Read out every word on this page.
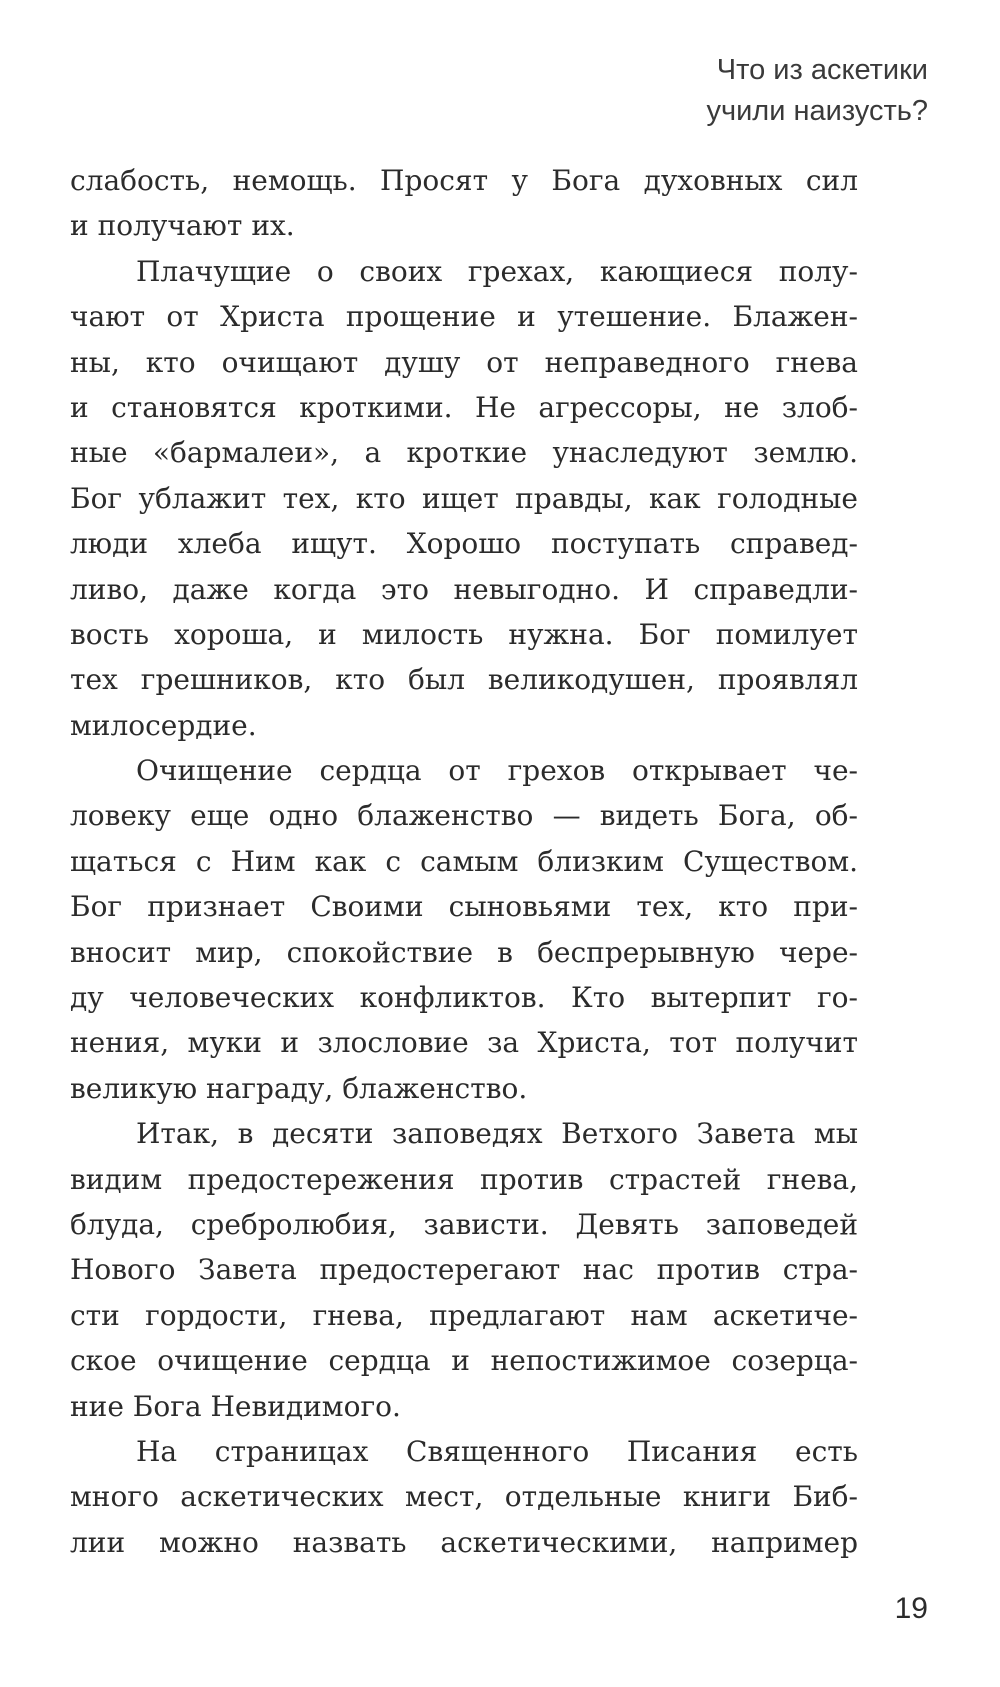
Что из аскетики
учили наизусть?
слабость, немощь. Просят у Бога духовных сил
и получают их.
Плачущие о своих грехах, кающиеся полу-
чают от Христа прощение и утешение. Блажен-
ны, кто очищают душу от неправедного гнева
и становятся кроткими. Не агрессоры, не злоб-
ные «бармалеи», а кроткие унаследуют землю.
Бог ублажит тех, кто ищет правды, как голодные
люди хлеба ищут. Хорошо поступать справед-
ливо, даже когда это невыгодно. И справедли-
вость хороша, и милость нужна. Бог помилует
тех грешников, кто был великодушен, проявлял
милосердие.
Очищение сердца от грехов открывает че-
ловеку еще одно блаженство — видеть Бога, об-
щаться с Ним как с самым близким Существом.
Бог признает Своими сыновьями тех, кто при-
вносит мир, спокойствие в беспрерывную чере-
ду человеческих конфликтов. Кто вытерпит го-
нения, муки и злословие за Христа, тот получит
великую награду, блаженство.
Итак, в десяти заповедях Ветхого Завета мы
видим предостережения против страстей гнева,
блуда, сребролюбия, зависти. Девять заповедей
Нового Завета предостерегают нас против стра-
сти гордости, гнева, предлагают нам аскетиче-
ское очищение сердца и непостижимое созерца-
ние Бога Невидимого.
На страницах Священного Писания есть
много аскетических мест, отдельные книги Биб-
лии можно назвать аскетическими, например
19
